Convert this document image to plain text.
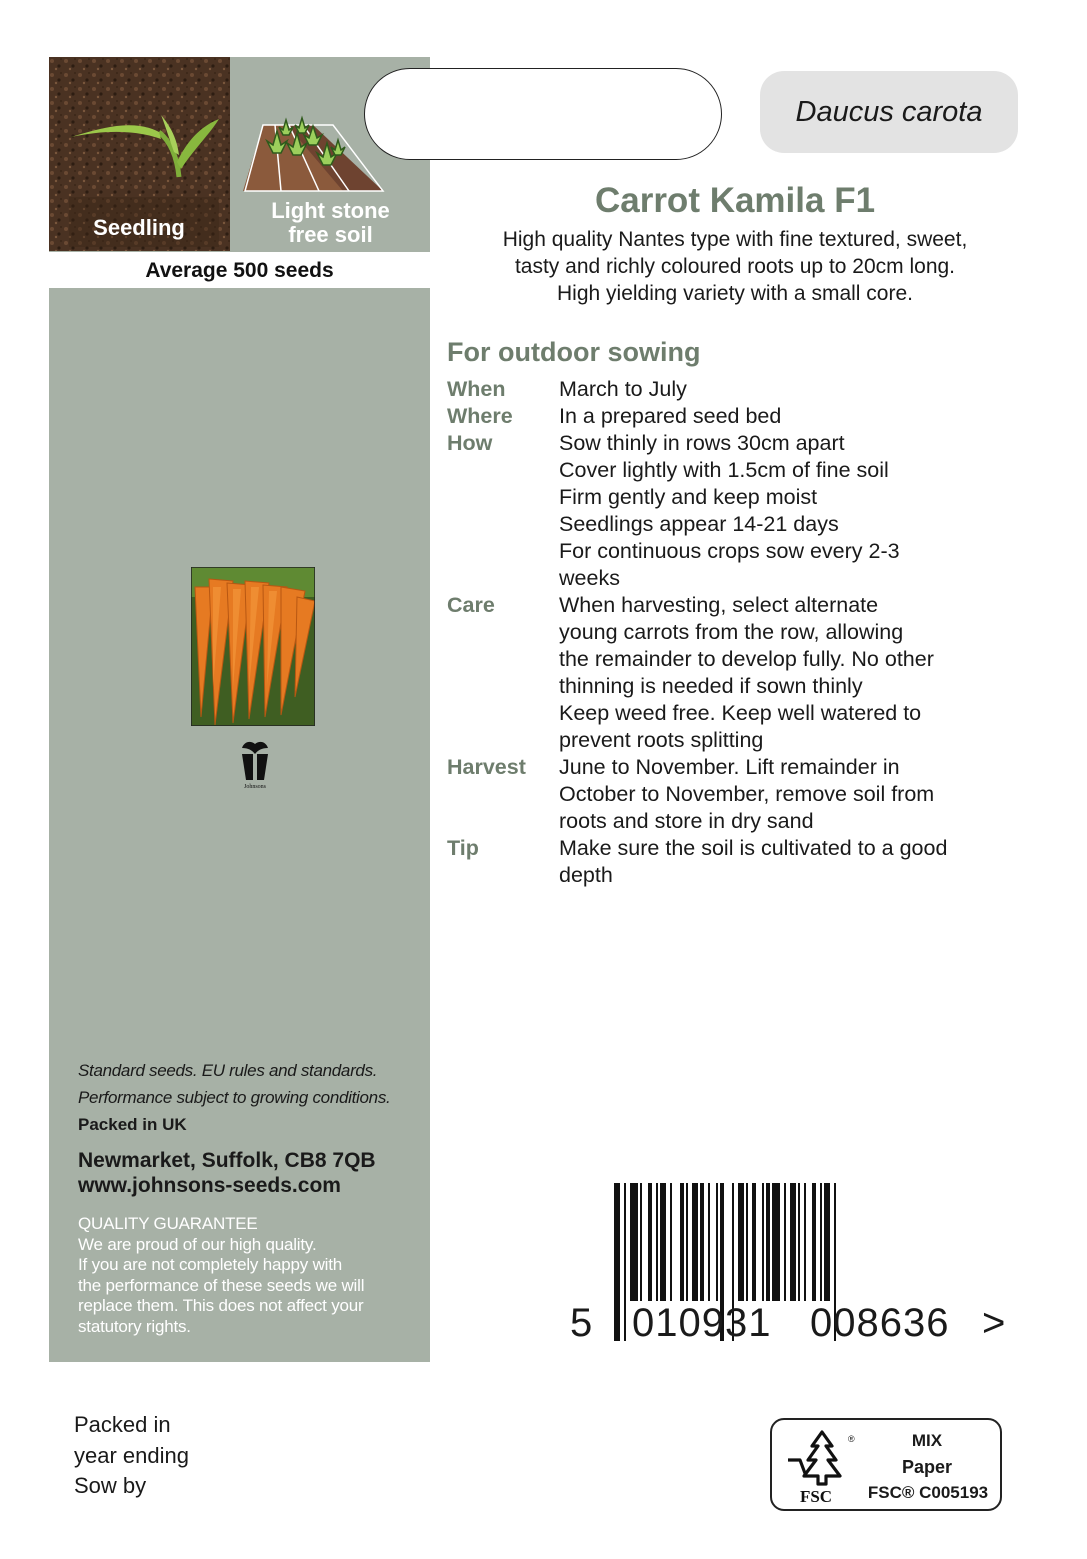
Seedling
Light stone
free soil
Average 500 seeds
Johnsons
Standard seeds. EU rules and standards.
Performance subject to growing conditions.
Packed in UK
Newmarket, Suffolk, CB8 7QB
www.johnsons-seeds.com
QUALITY GUARANTEE
We are proud of our high quality.
If you are not completely happy with
the performance of these seeds we will
replace them. This does not affect your
statutory rights.
Daucus carota
Carrot Kamila F1
High quality Nantes type with fine textured, sweet,
tasty and richly coloured roots up to 20cm long.
High yielding variety with a small core.
For outdoor sowing
When	March to July
Where	In a prepared seed bed
How	Sow thinly in rows 30cm apart
Cover lightly with 1.5cm of fine soil
Firm gently and keep moist
Seedlings appear 14-21 days
For continuous crops sow every 2-3
weeks
Care	When harvesting, select alternate
young carrots from the row, allowing
the remainder to develop fully. No other
thinning is needed if sown thinly
Keep weed free. Keep well watered to
prevent roots splitting
Harvest	June to November. Lift remainder in
October to November, remove soil from
roots and store in dry sand
Tip	Make sure the soil is cultivated to a good
depth
5 010931 008636 >
Packed in
year ending
Sow by
®
FSC
MIX
Paper
FSC® C005193
